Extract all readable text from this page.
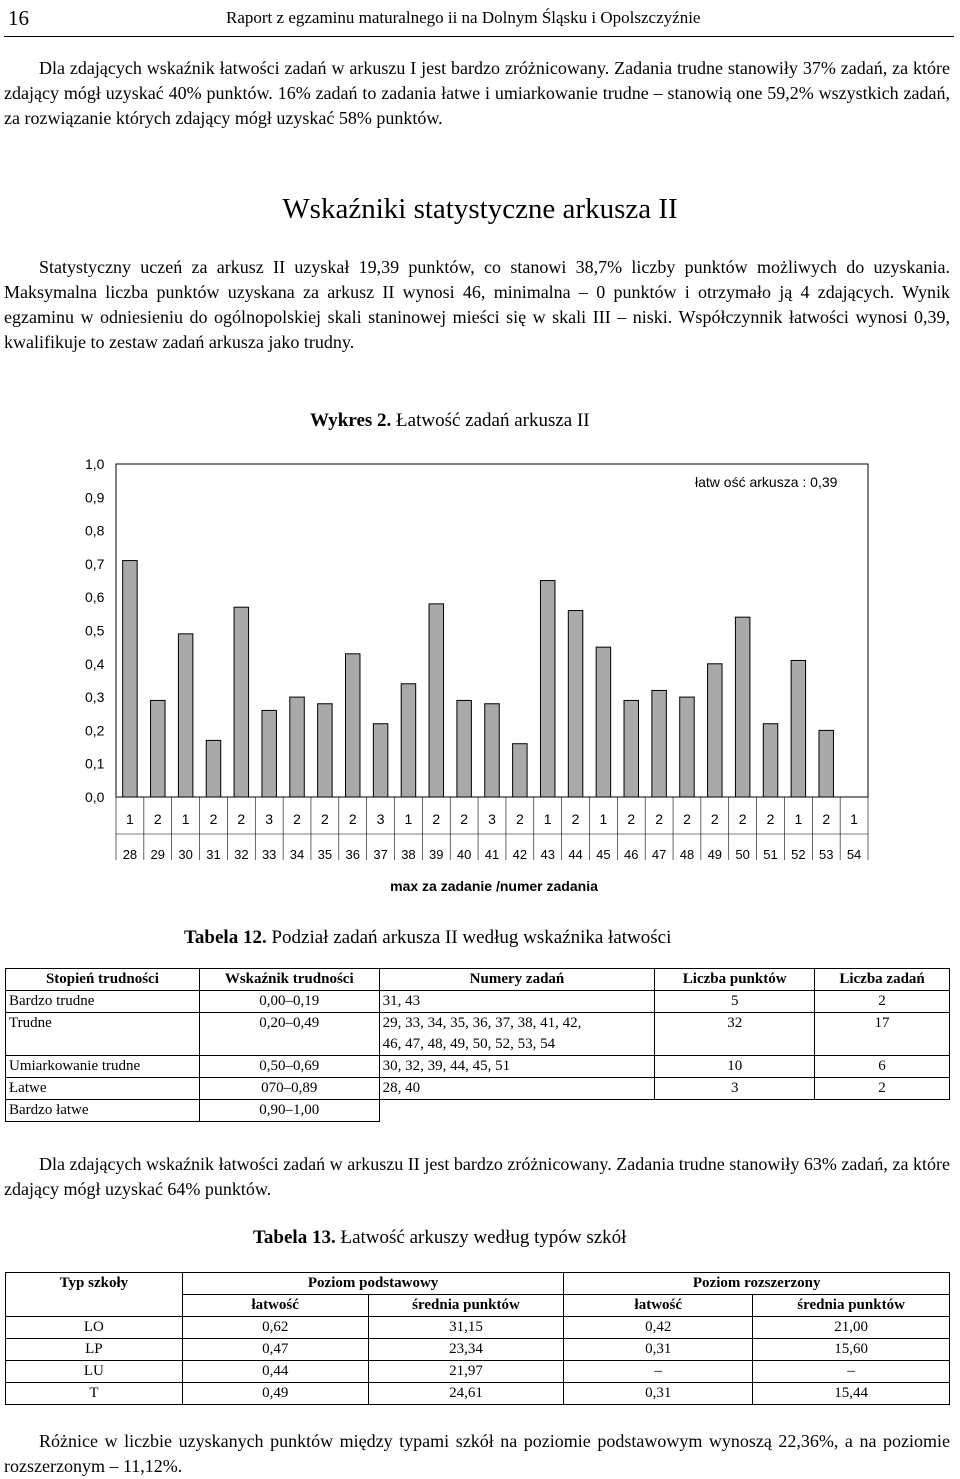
16	Raport z egzaminu maturalnego ii na Dolnym Śląsku i Opolszczyźnie

Dla zdających wskaźnik łatwości zadań w arkuszu I jest bardzo zróżnicowany. Zadania trudne stanowiły 37% zadań, za które zdający mógł uzyskać 40% punktów. 16% zadań to zadania łatwe i umiarkowanie trudne – stanowią one 59,2% wszystkich zadań, za rozwiązanie których zdający mógł uzyskać 58% punktów.

Wskaźniki statystyczne arkusza II

Statystyczny uczeń za arkusz II uzyskał 19,39 punktów, co stanowi 38,7% liczby punktów możliwych do uzyskania. Maksymalna liczba punktów uzyskana za arkusz II wynosi 46, minimalna – 0 punktów i otrzymało ją 4 zdających. Wynik egzaminu w odniesieniu do ogólnopolskiej skali staninowej mieści się w skali III – niski. Współczynnik łatwości wynosi 0,39, kwalifikuje to zestaw zadań arkusza jako trudny.

Wykres 2. Łatwość zadań arkusza II
1,0
0,9
0,8
0,7
0,6
0,5
0,4
0,3
0,2
0,1
0,0
1 2 1 2 2 3 2 2 2 3 1 2 2 3 2 1 2 1 2 2 2 2 2 2 1 2 1
28 29 30 31 32 33 34 35 36 37 38 39 40 41 42 43 44 45 46 47 48 49 50 51 52 53 54
łatw ość arkusza : 0,39
max za zadanie /numer zadania
Tabela 12. Podział zadań arkusza II według wskaźnika łatwości
Stopień trudności	Wskaźnik trudności	Numery zadań	Liczba punktów	Liczba zadań
Bardzo trudne	0,00–0,19	31, 43	5	2
Trudne	0,20–0,49	29, 33, 34, 35, 36, 37, 38, 41, 42,
46, 47, 48, 49, 50, 52, 53, 54	32	17
Umiarkowanie trudne	0,50–0,69	30, 32, 39, 44, 45, 51	10	6
Łatwe	070–0,89	28, 40	3	2
Bardzo łatwe	0,90–1,00			

Dla zdających wskaźnik łatwości zadań w arkuszu II jest bardzo zróżnicowany. Zadania trudne stanowiły 63% zadań, za które zdający mógł uzyskać 64% punktów.

Tabela 13. Łatwość arkuszy według typów szkół
Typ szkoły	Poziom podstawowy		Poziom rozszerzony	
	łatwość	średnia punktów	łatwość	średnia punktów
LO	0,62	31,15	0,42	21,00
LP	0,47	23,34	0,31	15,60
LU	0,44	21,97	–	–
T	0,49	24,61	0,31	15,44

Różnice w liczbie uzyskanych punktów między typami szkół na poziomie podstawowym wynoszą 22,36%, a na poziomie rozszerzonym – 11,12%.
